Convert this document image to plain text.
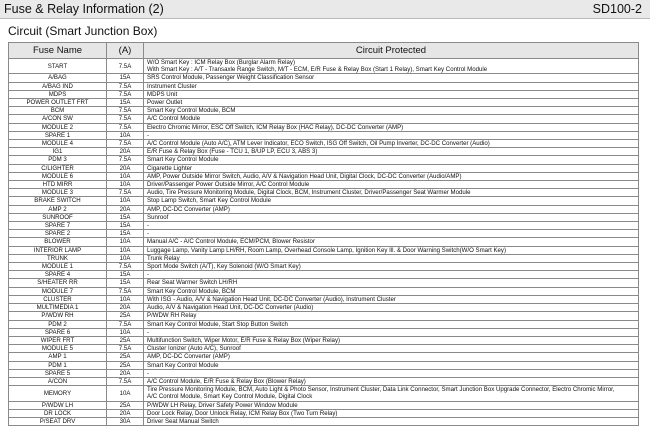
Fuse & Relay Information (2)	SD100-2
Circuit (Smart Junction Box)
Fuse Name	(A)	Circuit Protected
START	7.5A	W/O Smart Key : ICM Relay Box (Burglar Alarm Relay)
With Smart Key : A/T - Transaxle Range Switch, M/T - ECM, E/R Fuse & Relay Box (Start 1 Relay), Smart Key Control Module

A/BAG	15A	SRS Control Module, Passenger Weight Classification Sensor

A/BAG IND	7.5A	Instrument Cluster

MDPS	7.5A	MDPS Unit

POWER OUTLET FRT	15A	Power Outlet

BCM	7.5A	Smart Key Control Module, BCM

A/CON SW	7.5A	A/C Control Module

MODULE 2	7.5A	Electro Chromic Mirror, ESC Off Switch, ICM Relay Box (HAC Relay), DC-DC Converter (AMP)

SPARE 1	10A	-

MODULE 4	7.5A	A/C Control Module (Auto A/C), ATM Lever Indicator, ECO Switch, ISG Off Switch, Oil Pump Inverter, DC-DC Converter (Audio)

IG1	20A	E/R Fuse & Relay Box (Fuse - TCU 1, B/UP LP, ECU 3, ABS 3)

PDM 3	7.5A	Smart Key Control Module

C/LIGHTER	20A	Cigarette Lighter

MODULE 6	10A	AMP, Power Outside Mirror Switch, Audio, A/V & Navigation Head Unit, Digital Clock, DC-DC Converter (Audio/AMP)

HTD MIRR	10A	Driver/Passenger Power Outside Mirror, A/C Control Module

MODULE 3	7.5A	Audio, Tire Pressure Monitoring Module, Digital Clock, BCM, Instrument Cluster, Driver/Passenger Seat Warmer Module

BRAKE SWITCH	10A	Stop Lamp Switch, Smart Key Control Module

AMP 2	20A	AMP, DC-DC Converter (AMP)

SUNROOF	15A	Sunroof

SPARE 7	15A	-

SPARE 2	15A	-

BLOWER	10A	Manual A/C - A/C Control Module, ECM/PCM, Blower Resistor

INTERIOR LAMP	10A	Luggage Lamp, Vanity Lamp LH/RH, Room Lamp, Overhead Console Lamp, Ignition Key Ill. & Door Warning Switch(W/O Smart Key)

TRUNK	10A	Trunk Relay

MODULE 1	7.5A	Sport Mode Switch (A/T), Key Solenoid (W/O Smart Key)

SPARE 4	15A	-

S/HEATER RR	15A	Rear Seat Warmer Switch LH/RH

MODULE 7	7.5A	Smart Key Control Module, BCM

CLUSTER	10A	With ISG - Audio, A/V & Navigation Head Unit, DC-DC Converter (Audio), Instrument Cluster

MULTIMEDIA 1	20A	Audio, A/V & Navigation Head Unit, DC-DC Converter (Audio)

P/WDW RH	25A	P/WDW RH Relay

PDM 2	7.5A	Smart Key Control Module, Start Stop Button Switch

SPARE 6	10A	-

WIPER FRT	25A	Multifunction Switch, Wiper Motor, E/R Fuse & Relay Box (Wiper Relay)

MODULE 5	7.5A	Cluster Ionizer (Auto A/C), Sunroof

AMP 1	25A	AMP, DC-DC Converter (AMP)

PDM 1	25A	Smart Key Control Module

SPARE 5	20A	-

A/CON	7.5A	A/C Control Module, E/R Fuse & Relay Box (Blower Relay)

MEMORY	10A	Tire Pressure Monitoring Module, BCM, Auto Light & Photo Sensor, Instrument Cluster, Data Link Connector, Smart Junction Box Upgrade Connector, Electro Chromic Mirror,
A/C Control Module, Smart Key Control Module, Digital Clock

P/WDW LH	25A	P/WDW LH Relay, Driver Safety Power Window Module

DR LOCK	20A	Door Lock Relay, Door Unlock Relay, ICM Relay Box (Two Turn Relay)

P/SEAT DRV	30A	Driver Seat Manual Switch
